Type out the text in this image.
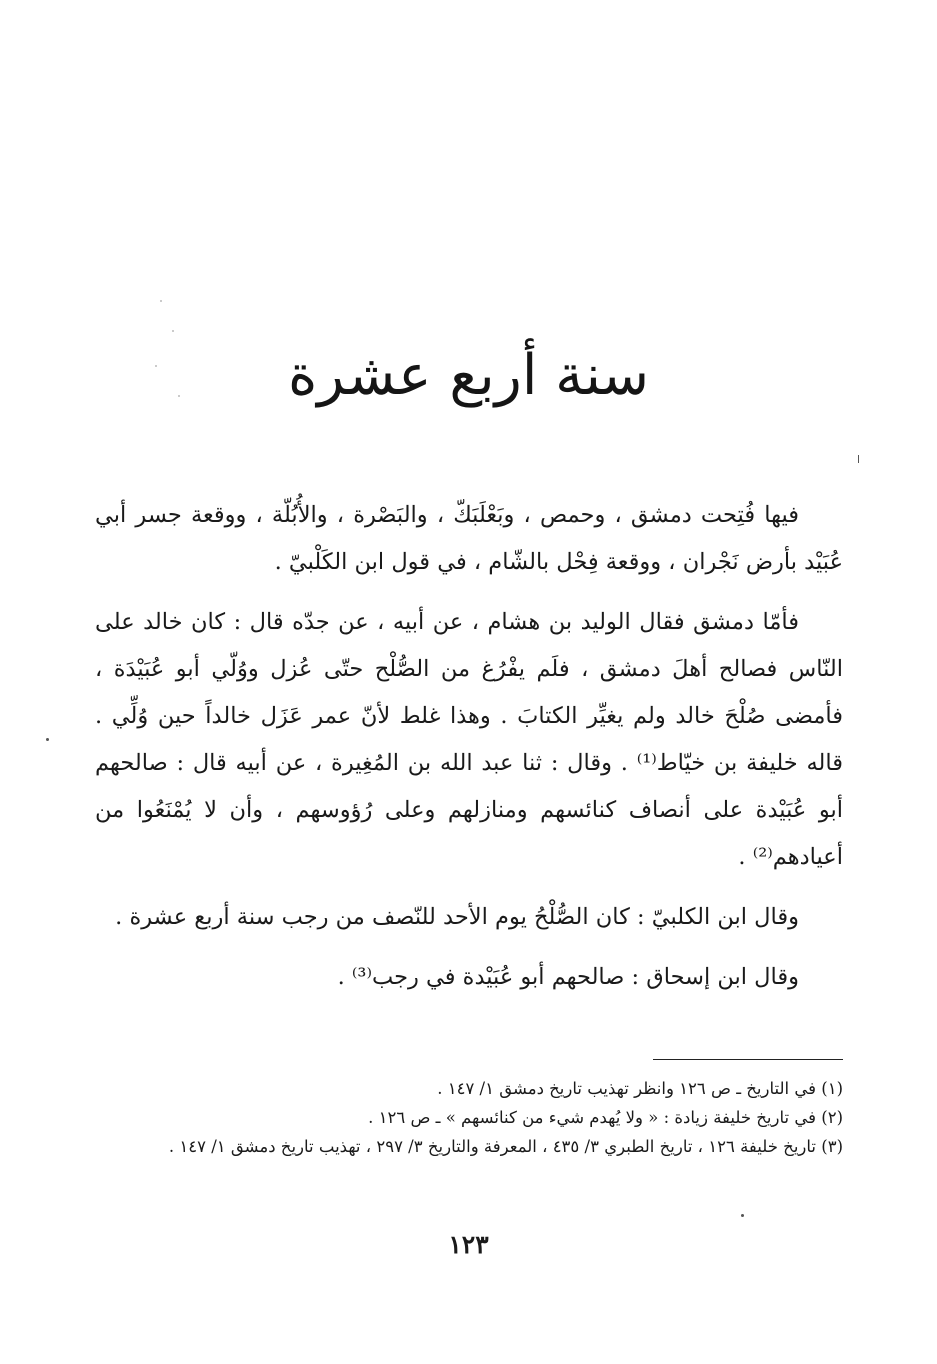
سنة أربع عشرة

فيها فُتِحت دمشق ، وحمص ، وبَعْلَبَكّ ، والبَصْرة ، والأُبُلّة ، ووقعة جسر أبي عُبَيْد بأرض نَجْران ، ووقعة فِحْل بالشّام ، في قول ابن الكَلْبيّ .

فأمّا دمشق فقال الوليد بن هشام ، عن أبيه ، عن جدّه قال : كان خالد على النّاس فصالح أهلَ دمشق ، فلَم يفْرُغ من الصُّلْح حتّى عُزل ووُلّي أبو عُبَيْدَة ، فأمضى صُلْحَ خالد ولم يغيِّر الكتابَ . وهذا غلط لأنّ عمر عَزَل خالداً حين وُلِّي . قاله خليفة بن خيّاط⁽¹⁾ . وقال : ثنا عبد الله بن المُغِيرة ، عن أبيه قال : صالحهم أبو عُبَيْدة على أنصاف كنائسهم ومنازلهم وعلى رُؤوسهم ، وأن لا يُمْنَعُوا من أعيادهم⁽²⁾ .

وقال ابن الكلبيّ : كان الصُّلْحُ يوم الأحد للنّصف من رجب سنة أربع عشرة .

وقال ابن إسحاق : صالحهم أبو عُبَيْدة في رجب⁽³⁾ .

(١) في التاريخ ـ ص ١٢٦ وانظر تهذيب تاريخ دمشق ١/ ١٤٧ .

(٢) في تاريخ خليفة زيادة : « ولا يُهدم شيء من كنائسهم » ـ ص ١٢٦ .

(٣) تاريخ خليفة ١٢٦ ، تاريخ الطبري ٣/ ٤٣٥ ، المعرفة والتاريخ ٣/ ٢٩٧ ، تهذيب تاريخ دمشق ١/ ١٤٧ .

١٢٣
